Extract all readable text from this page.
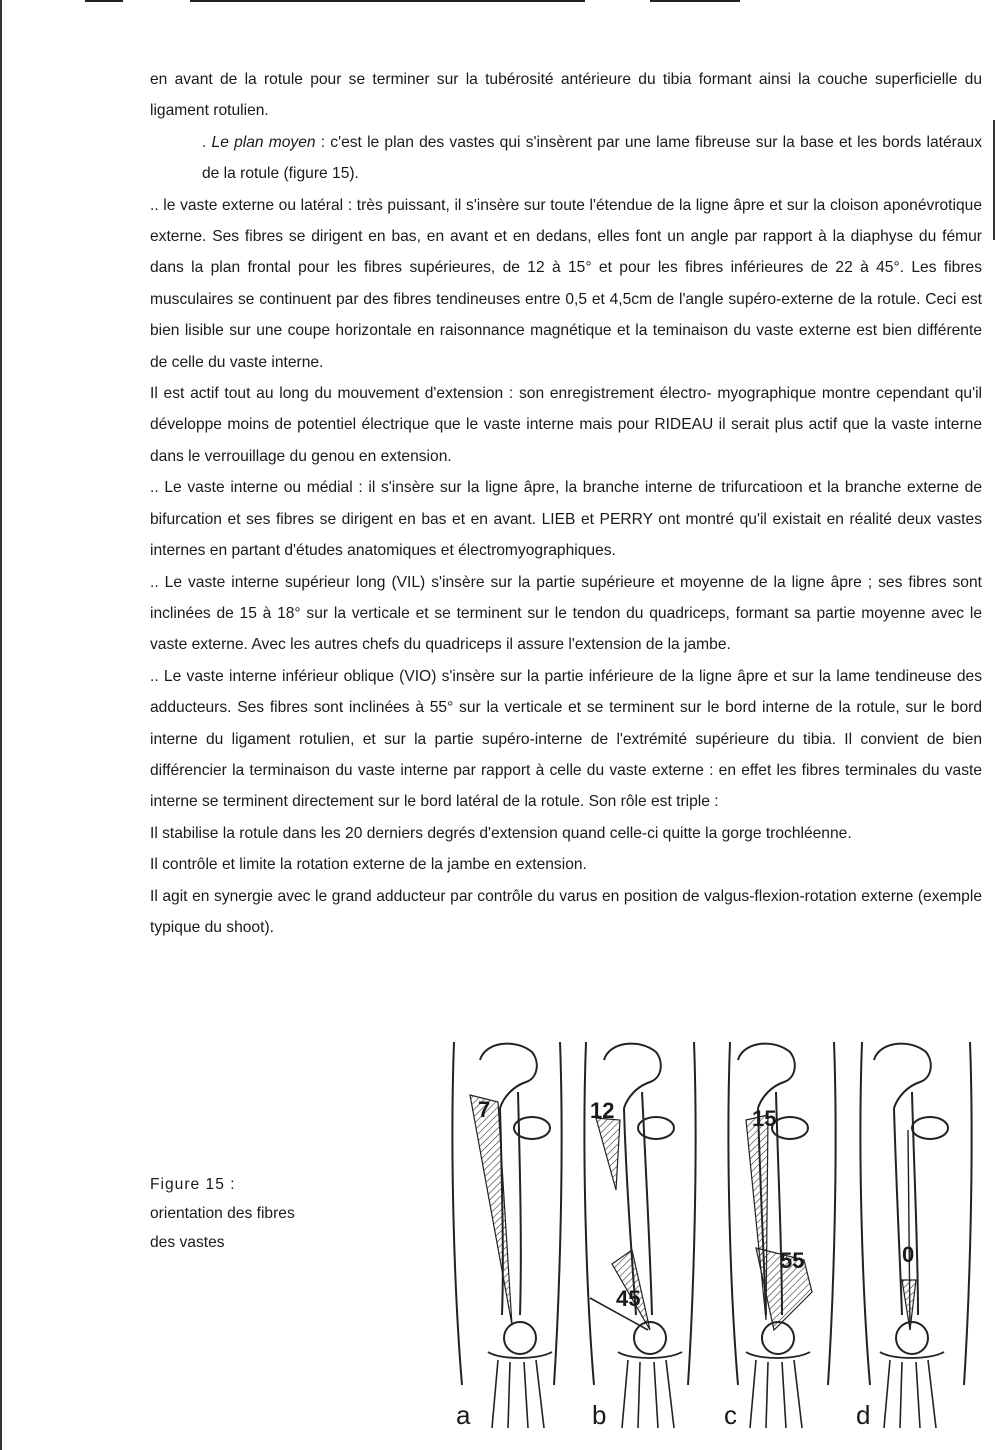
en avant de la rotule pour se terminer sur la tubérosité antérieure du tibia formant ainsi la couche superficielle du ligament rotulien.

. Le plan moyen : c'est le plan des vastes qui s'insèrent par une lame fibreuse sur la base et les bords latéraux de la rotule (figure 15).

.. le vaste externe ou latéral : très puissant, il s'insère sur toute l'étendue de la ligne âpre et sur la cloison aponévrotique externe. Ses fibres se dirigent en bas, en avant et en dedans, elles font un angle par rapport à la diaphyse du fémur dans la plan frontal pour les fibres supérieures, de 12 à 15° et pour les fibres inférieures de 22 à 45°. Les fibres musculaires se continuent par des fibres tendineuses entre 0,5 et 4,5cm de l'angle supéro-externe de la rotule. Ceci est bien lisible sur une coupe horizontale en raisonnance magnétique et la teminaison du vaste externe est bien différente de celle du vaste interne.

Il est actif tout au long du mouvement d'extension : son enregistrement électro- myographique montre cependant qu'il développe moins de potentiel électrique que le vaste interne mais pour RIDEAU il serait plus actif que la vaste interne dans le verrouillage du genou en extension.

.. Le vaste interne ou médial : il s'insère sur la ligne âpre, la branche interne de trifurcatioon et la branche externe de bifurcation et ses fibres se dirigent en bas et en avant. LIEB et PERRY ont montré qu'il existait en réalité deux vastes internes en partant d'études anatomiques et électromyographiques.

.. Le vaste interne supérieur long (VIL) s'insère sur la partie supérieure et moyenne de la ligne âpre ; ses fibres sont inclinées de 15 à 18° sur la verticale et se terminent sur le tendon du quadriceps, formant sa partie moyenne avec le vaste externe. Avec les autres chefs du quadriceps il assure l'extension de la jambe.

.. Le vaste interne inférieur oblique (VIO) s'insère sur la partie inférieure de la ligne âpre et sur la lame tendineuse des adducteurs. Ses fibres sont inclinées à 55° sur la verticale et se terminent sur le bord interne de la rotule, sur le bord interne du ligament rotulien, et sur la partie supéro-interne de l'extrémité supérieure du tibia. Il convient de bien différencier la terminaison du vaste interne par rapport à celle du vaste externe : en effet les fibres terminales du vaste interne se terminent directement sur le bord latéral de la rotule. Son rôle est triple :

Il stabilise la rotule dans les 20 derniers degrés d'extension quand celle-ci quitte la gorge trochléenne.

Il contrôle et limite la rotation externe de la jambe en extension.

Il agit en synergie avec le grand adducteur par contrôle du varus en position de valgus-flexion-rotation externe (exemple typique du shoot).

Figure 15 :
orientation des fibres
des vastes
7
a
12
45
b
15
55
c
0
d
